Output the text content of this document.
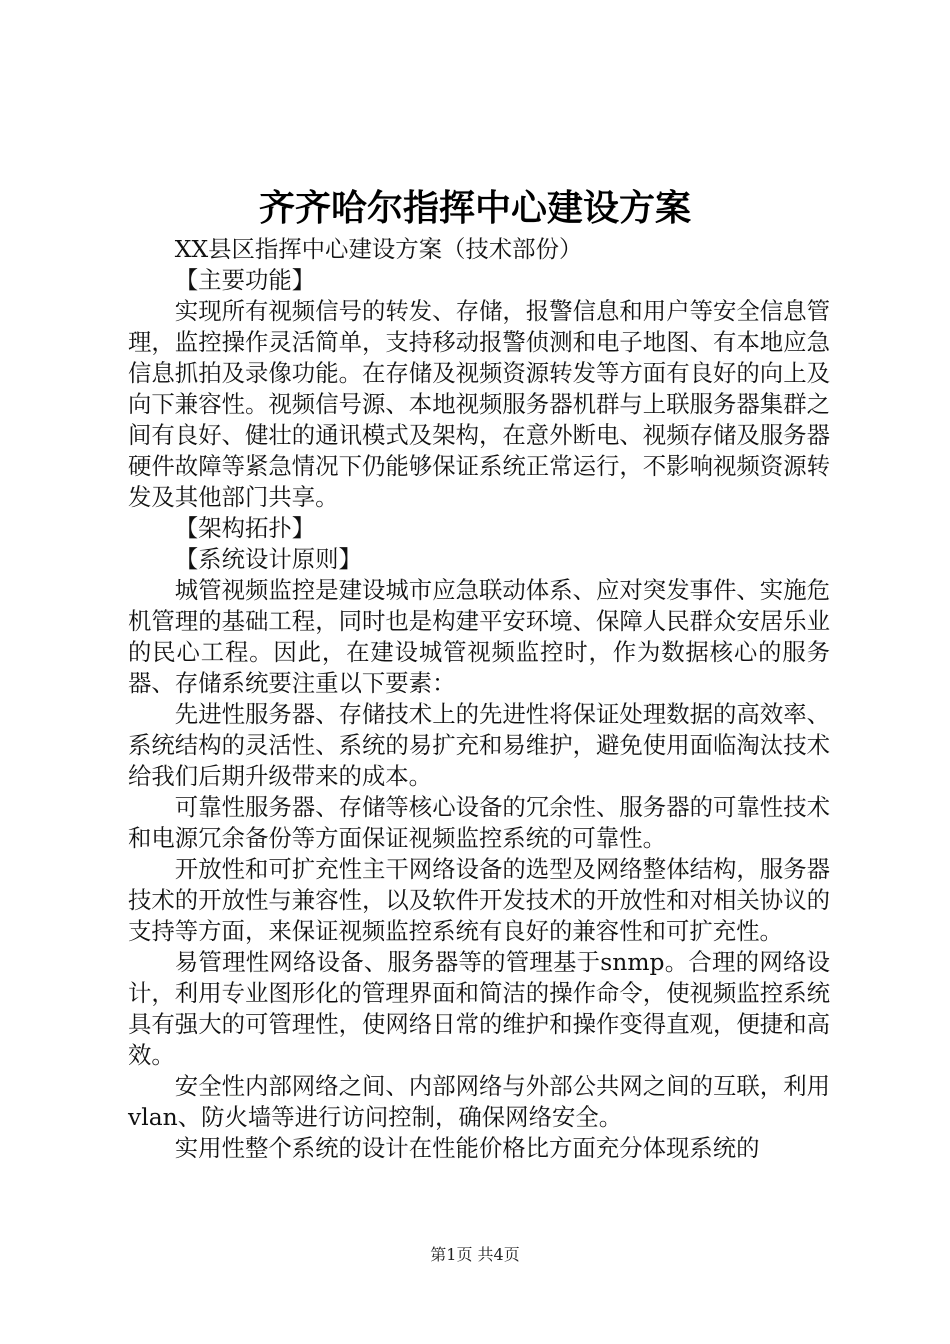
齐齐哈尔指挥中心建设方案

XX县区指挥中心建设方案（技术部份）

【主要功能】

实现所有视频信号的转发、存储，报警信息和用户等安全信息管理，监控操作灵活简单，支持移动报警侦测和电子地图、有本地应急信息抓拍及录像功能。在存储及视频资源转发等方面有良好的向上及向下兼容性。视频信号源、本地视频服务器机群与上联服务器集群之间有良好、健壮的通讯模式及架构，在意外断电、视频存储及服务器硬件故障等紧急情况下仍能够保证系统正常运行，不影响视频资源转发及其他部门共享。

【架构拓扑】

【系统设计原则】

城管视频监控是建设城市应急联动体系、应对突发事件、实施危机管理的基础工程，同时也是构建平安环境、保障人民群众安居乐业的民心工程。因此，在建设城管视频监控时，作为数据核心的服务器、存储系统要注重以下要素：

先进性服务器、存储技术上的先进性将保证处理数据的高效率、系统结构的灵活性、系统的易扩充和易维护，避免使用面临淘汰技术给我们后期升级带来的成本。

可靠性服务器、存储等核心设备的冗余性、服务器的可靠性技术和电源冗余备份等方面保证视频监控系统的可靠性。

开放性和可扩充性主干网络设备的选型及网络整体结构，服务器技术的开放性与兼容性，以及软件开发技术的开放性和对相关协议的支持等方面，来保证视频监控系统有良好的兼容性和可扩充性。

易管理性网络设备、服务器等的管理基于snmp。合理的网络设计，利用专业图形化的管理界面和简洁的操作命令，使视频监控系统具有强大的可管理性，使网络日常的维护和操作变得直观，便捷和高效。

安全性内部网络之间、内部网络与外部公共网之间的互联，利用vlan、防火墙等进行访问控制，确保网络安全。

实用性整个系统的设计在性能价格比方面充分体现系统的

第1页 共4页
